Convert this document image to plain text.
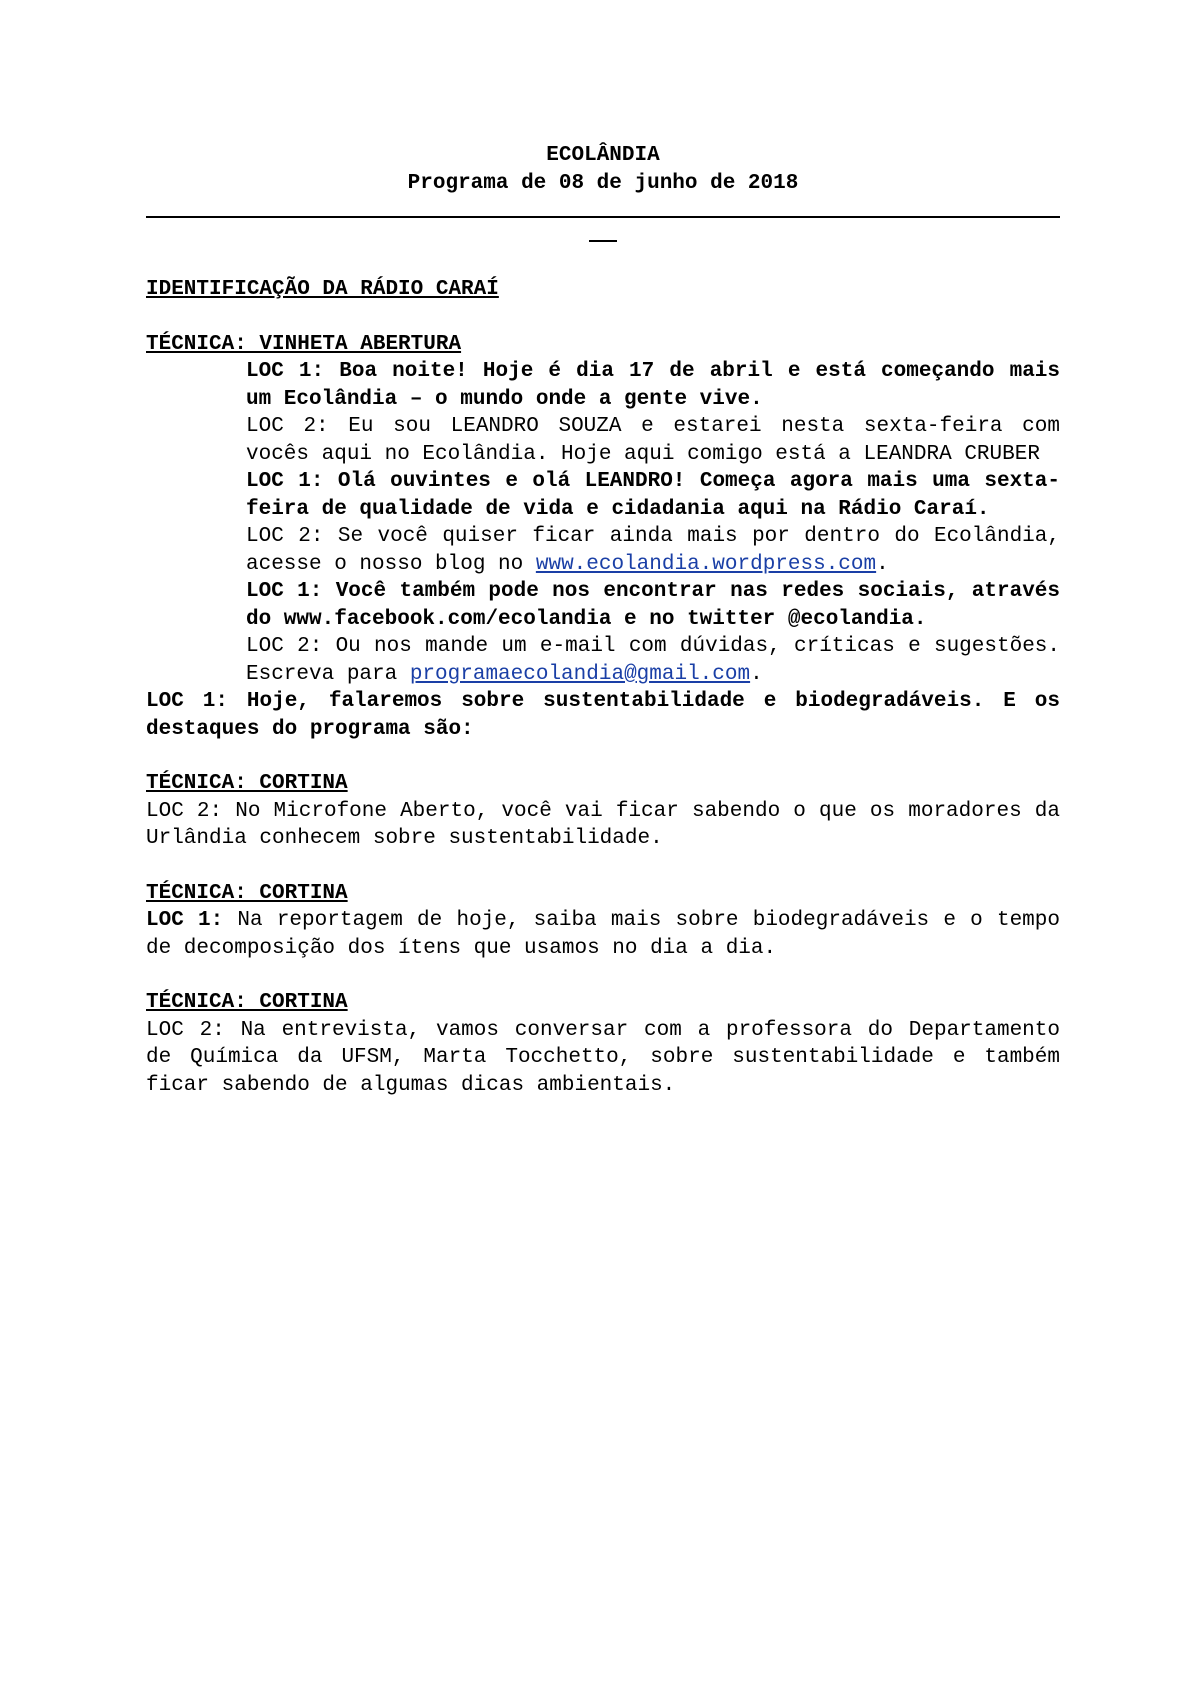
ECOLÂNDIA

Programa de 08 de junho de 2018

IDENTIFICAÇÃO DA RÁDIO CARAÍ

TÉCNICA: VINHETA ABERTURA

LOC 1: Boa noite! Hoje é dia 17 de abril e está começando mais um Ecolândia – o mundo onde a gente vive.

LOC 2: Eu sou LEANDRO SOUZA e estarei nesta sexta-feira com vocês aqui no Ecolândia. Hoje aqui comigo está a LEANDRA CRUBER

LOC 1: Olá ouvintes e olá LEANDRO! Começa agora mais uma sexta-feira de qualidade de vida e cidadania aqui na Rádio Caraí.

LOC 2: Se você quiser ficar ainda mais por dentro do Ecolândia, acesse o nosso blog no www.ecolandia.wordpress.com.

LOC 1: Você também pode nos encontrar nas redes sociais, através do www.facebook.com/ecolandia e no twitter @ecolandia.

LOC 2: Ou nos mande um e-mail com dúvidas, críticas e sugestões. Escreva para programaecolandia@gmail.com.

LOC 1: Hoje, falaremos sobre sustentabilidade e biodegradáveis. E os destaques do programa são:

TÉCNICA: CORTINA

LOC 2: No Microfone Aberto, você vai ficar sabendo o que os moradores da Urlândia conhecem sobre sustentabilidade.

TÉCNICA: CORTINA

LOC 1: Na reportagem de hoje, saiba mais sobre biodegradáveis e o tempo de decomposição dos ítens que usamos no dia a dia.

TÉCNICA: CORTINA

LOC 2: Na entrevista, vamos conversar com a professora do Departamento de Química da UFSM, Marta Tocchetto, sobre sustentabilidade e também ficar sabendo de algumas dicas ambientais.
